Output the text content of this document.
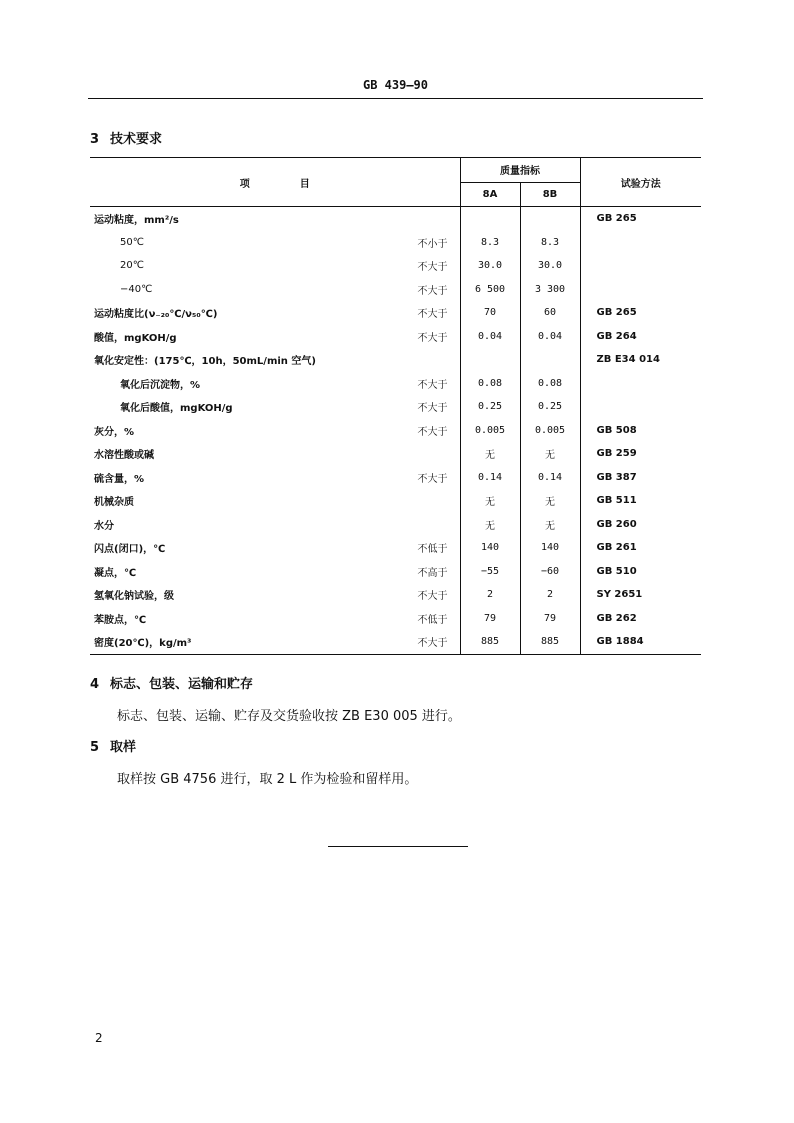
GB 439—90
3 技术要求
项　　　　　目		质量指标		试验方法
		8A	8B	
运动粘度，mm²/s				GB 265
50℃	不小于	8.3	8.3	
20℃	不大于	30.0	30.0	
−40℃	不大于	6 500	3 300	
运动粘度比(ν₋₂₀℃/ν₅₀℃)	不大于	70	60	GB 265
酸值，mgKOH/g	不大于	0.04	0.04	GB 264
氧化安定性：(175℃，10h，50mL/min 空气)				ZB E34 014
氧化后沉淀物，%	不大于	0.08	0.08	
氧化后酸值，mgKOH/g	不大于	0.25	0.25	
灰分，%	不大于	0.005	0.005	GB 508
水溶性酸或碱		无	无	GB 259
硫含量，%	不大于	0.14	0.14	GB 387
机械杂质		无	无	GB 511
水分		无	无	GB 260
闪点(闭口)，℃	不低于	140	140	GB 261
凝点，℃	不高于	−55	−60	GB 510
氢氧化钠试验，级	不大于	2	2	SY 2651
苯胺点，℃	不低于	79	79	GB 262
密度(20℃)，kg/m³	不大于	885	885	GB 1884
4 标志、包装、运输和贮存
标志、包装、运输、贮存及交货验收按 ZB E30 005 进行。
5 取样
取样按 GB 4756 进行，取 2 L 作为检验和留样用。
2
